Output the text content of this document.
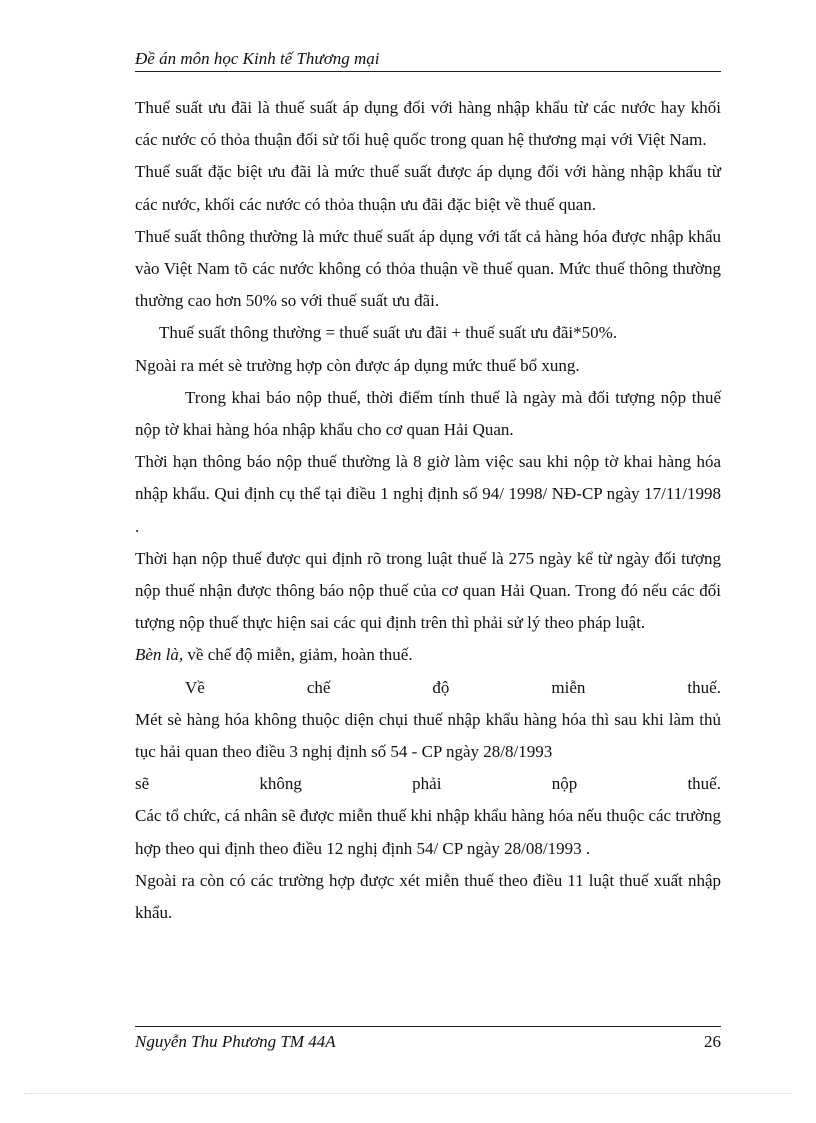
Đề án môn học Kinh tế Thương mại

Thuế suất ưu đãi là thuế suất áp dụng đối với hàng nhập khẩu từ các nước hay khối các nước có thỏa thuận đối sử tối huệ quốc trong quan hệ thương mại với Việt Nam.

Thuế suất đặc biệt ưu đãi là mức thuế suất được áp dụng đối với hàng nhập khẩu từ các nước, khối các nước có thỏa thuận ưu đãi đặc biệt về thuế quan.

Thuế suất thông thường là mức thuế suất áp dụng với tất cả hàng hóa được nhập khẩu vào Việt Nam tõ các nước không có thỏa thuận về thuế quan. Mức thuế thông thường thường cao hơn 50% so với thuế suất ưu đãi.

Thuế suất thông thường = thuế suất ưu đãi + thuế suất ưu đãi*50%.

Ngoài ra mét sè trường hợp còn được áp dụng mức thuế bổ xung.

Trong khai báo nộp thuế, thời điểm tính thuế là ngày mà đối tượng nộp thuế nộp tờ khai hàng hóa nhập khẩu cho cơ quan Hải Quan.

Thời hạn thông báo nộp thuế thường là 8 giờ làm việc sau khi nộp tờ khai hàng hóa nhập khẩu. Qui định cụ thể tại điều 1 nghị định số 94/ 1998/ NĐ-CP ngày 17/11/1998 .

Thời hạn nộp thuế được qui định rõ trong luật thuế là 275 ngày kể từ ngày đối tượng nộp thuế nhận được thông báo nộp thuế của cơ quan Hải Quan. Trong đó nếu các đối tượng nộp thuế thực hiện sai các qui định trên thì phải sử lý theo pháp luật.

Bèn là, về chế độ miễn, giảm, hoàn thuế.

Về	chế	độ	miễn	thuế.

Mét sè hàng hóa không thuộc diện chụi thuế nhập khẩu hàng hóa thì sau khi làm thủ tục hải quan theo điều 3 nghị định số 54 - CP ngày 28/8/1993

sẽ	không	phải	nộp	thuế.

Các tổ chức, cá nhân sẽ được miễn thuế khi nhập khẩu hàng hóa nếu thuộc các trường hợp theo qui định theo điều 12 nghị định 54/ CP ngày 28/08/1993 .

Ngoài ra còn có các trường hợp được xét miễn thuế theo điều 11 luật thuế xuất nhập khẩu.

Nguyễn Thu Phương TM 44A	26
